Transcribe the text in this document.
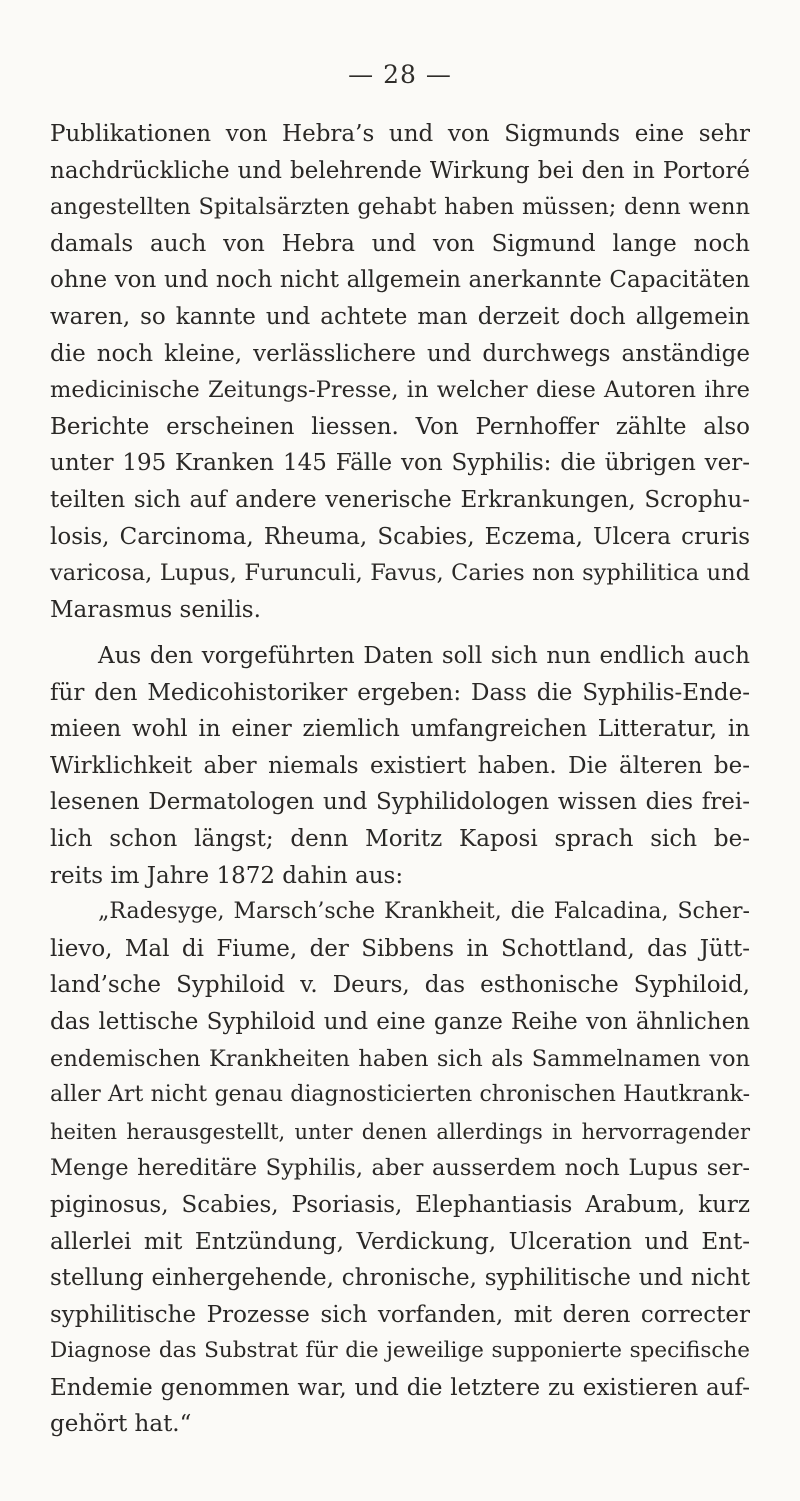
— 28 —
Publikationen von Hebra’s und von Sigmunds eine sehr
nachdrückliche und belehrende Wirkung bei den in Portoré
angestellten Spitalsärzten gehabt haben müssen; denn wenn
damals auch von Hebra und von Sigmund lange noch
ohne von und noch nicht allgemein anerkannte Capacitäten
waren, so kannte und achtete man derzeit doch allgemein
die noch kleine, verlässlichere und durchwegs anständige
medicinische Zeitungs-Presse, in welcher diese Autoren ihre
Berichte erscheinen liessen. Von Pernhoffer zählte also
unter 195 Kranken 145 Fälle von Syphilis: die übrigen ver-
teilten sich auf andere venerische Erkrankungen, Scrophu-
losis, Carcinoma, Rheuma, Scabies, Eczema, Ulcera cruris
varicosa, Lupus, Furunculi, Favus, Caries non syphilitica und
Marasmus senilis.
Aus den vorgeführten Daten soll sich nun endlich auch
für den Medicohistoriker ergeben: Dass die Syphilis-Ende-
mieen wohl in einer ziemlich umfangreichen Litteratur, in
Wirklichkeit aber niemals existiert haben. Die älteren be-
lesenen Dermatologen und Syphilidologen wissen dies frei-
lich schon längst; denn Moritz Kaposi sprach sich be-
reits im Jahre 1872 dahin aus:
„Radesyge, Marsch’sche Krankheit, die Falcadina, Scher-
lievo, Mal di Fiume, der Sibbens in Schottland, das Jütt-
land’sche Syphiloid v. Deurs, das esthonische Syphiloid,
das lettische Syphiloid und eine ganze Reihe von ähnlichen
endemischen Krankheiten haben sich als Sammelnamen von
aller Art nicht genau diagnosticierten chronischen Hautkrank-
heiten herausgestellt, unter denen allerdings in hervorragender
Menge hereditäre Syphilis, aber ausserdem noch Lupus ser-
piginosus, Scabies, Psoriasis, Elephantiasis Arabum, kurz
allerlei mit Entzündung, Verdickung, Ulceration und Ent-
stellung einhergehende, chronische, syphilitische und nicht
syphilitische Prozesse sich vorfanden, mit deren correcter
Diagnose das Substrat für die jeweilige supponierte specifische
Endemie genommen war, und die letztere zu existieren auf-
gehört hat.“
